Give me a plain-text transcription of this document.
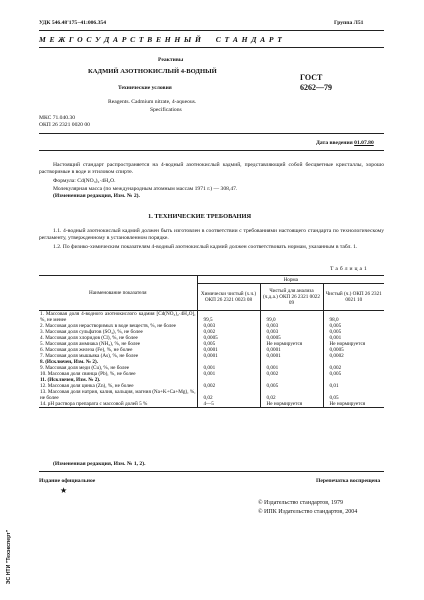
УДК 546.48'175−41:006.354	Группа Л51
М Е Ж Г О С У Д А Р С Т В Е Н Н Ы Й     С Т А Н Д А Р Т
Реактивы
КАДМИЙ АЗОТНОКИСЛЫЙ 4-ВОДНЫЙ
Технические условия
Reagents. Cadmium nitrate, 4-aqueous.
Specifications
ГОСТ
6262—79
МКС 71.040.30
ОКП 26 2321 0020 00
Дата введения 01.07.80
Настоящий стандарт распространяется на 4-водный азотнокислый кадмий, представляющий собой бесцветные кристаллы, хорошо растворимые в воде и этиловом спирте.
Формула: Cd(NO₃)₂·4H₂O.
Молекулярная масса (по международным атомным массам 1971 г.) — 308,47.
(Измененная редакция, Изм. № 2).
1. ТЕХНИЧЕСКИЕ ТРЕБОВАНИЯ
1.1. 4-водный азотнокислый кадмий должен быть изготовлен в соответствии с требованиями настоящего стандарта по технологическому регламенту, утвержденному в установленном порядке.
1.2. По физико-химическим показателям 4-водный азотнокислый кадмий должен соответствовать нормам, указанным в табл. 1.
Т а б л и ц а 1
Наименование показателя	Норма		
	Химически чистый (х.ч.) ОКП 26 2321 0023 08	Чистый для анализа (ч.д.а.) ОКП 26 2321 0022 09	Чистый (ч.) ОКП 26 2321 0021 10
1. Массовая доля 4-водного азотнокислого кадмия [Cd(NO₃)₂·4H₂O], %, не менее	99,5	99,0	98,0
2. Массовая доля нерастворимых в воде веществ, %, не более	0,003	0,003	0,005
3. Массовая доля сульфатов (SO₄), %, не более	0,002	0,003	0,005
4. Массовая доля хлоридов (Cl), %, не более	0,0005	0,0005	0,001
5. Массовая доля аммиака (NH₃), %, не более	0,005	Не нормируется	Не нормируется
6. Массовая доля железа (Fe), %, не более	0,0001	0,0001	0,0005
7. Массовая доля мышьяка (As), %, не более	0,0001	0,0001	0,0002
8. (Исключен, Изм. № 2).			
9. Массовая доля меди (Cu), %, не более	0,001	0,001	0,002
10. Массовая доля свинца (Pb), %, не более	0,001	0,002	0,005
11. (Исключен, Изм. № 2).			
12. Массовая доля цинка (Zn), %, не более	0,002	0,005	0,01
13. Массовая доля натрия, калия, кальция, магния (Na+K+Ca+Mg), %, не более	0,02	0,02	0,05
14. pH раствора препарата с массовой долей 5 %	4—5	Не нормируется	Не нормируется
(Измененная редакция, Изм. № 1, 2).
Издание официальное	Перепечатка воспрещена
★
© Издательство стандартов, 1979
© ИПК Издательство стандартов, 2004
ЭС НТИ "Техэксперт"
